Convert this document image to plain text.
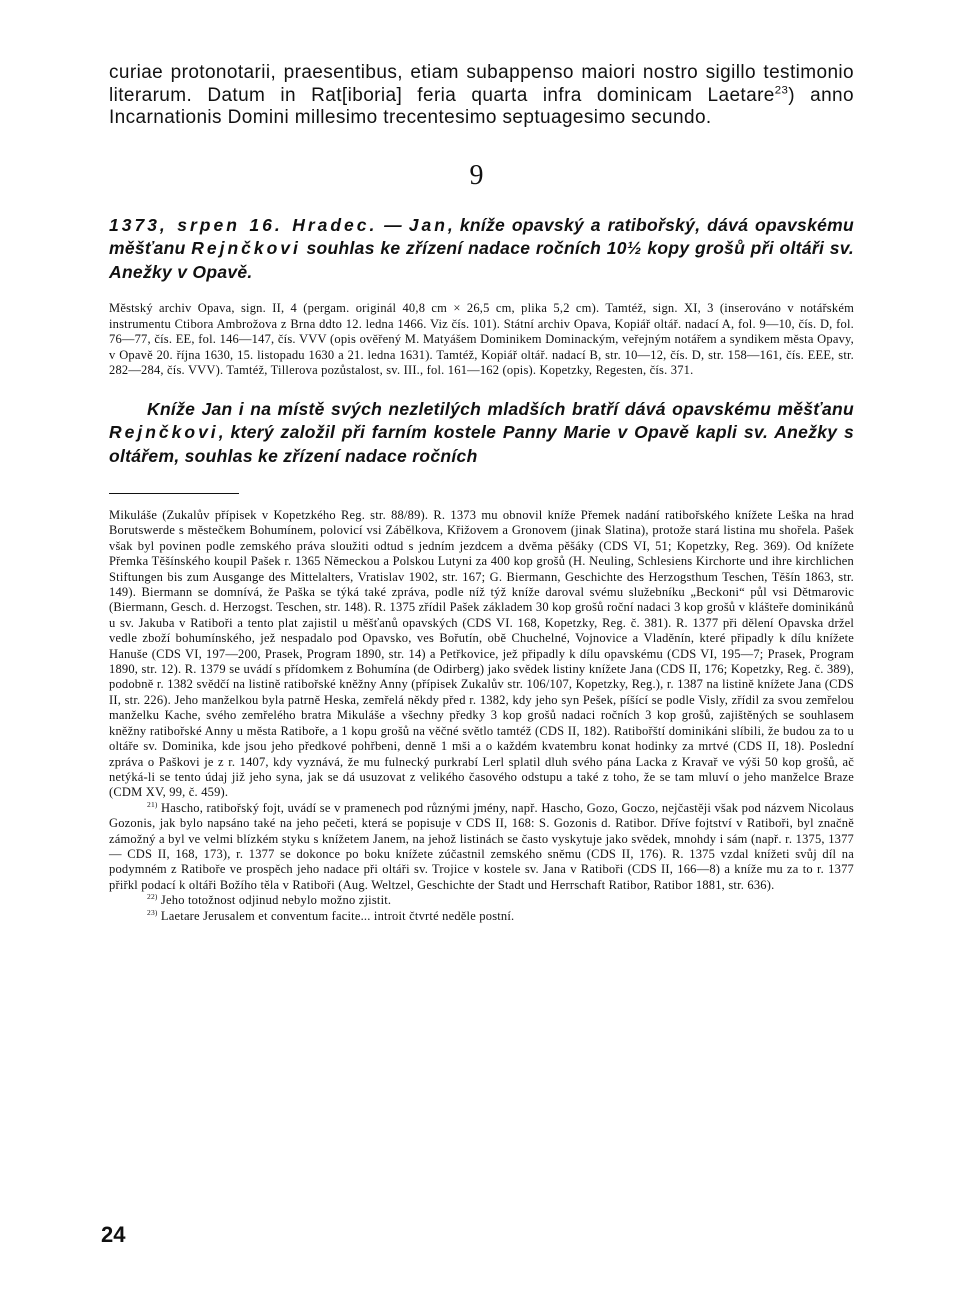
curiae protonotarii, praesentibus, etiam subappenso maiori nostro sigillo testimonio literarum. Datum in Rat[iboria] feria quarta infra dominicam Laetare$^{23}$) anno Incarnationis Domini millesimo trecentesimo septuagesimo secundo.

9

1373, srpen 16. Hradec. — Jan, kníže opavský a ratibořský, dává opavskému měšťanu Rejnčkovi souhlas ke zřízení nadace ročních 10½ kopy grošů při oltáři sv. Anežky v Opavě.

Městský archiv Opava, sign. II, 4 (pergam. originál 40,8 cm × 26,5 cm, plika 5,2 cm). Tamtéž, sign. XI, 3 (inserováno v notářském instrumentu Ctibora Ambrožova z Brna ddto 12. ledna 1466. Viz čís. 101). Státní archiv Opava, Kopiář oltář. nadací A, fol. 9—10, čís. D, fol. 76—77, čís. EE, fol. 146—147, čís. VVV (opis ověřený M. Matyášem Dominikem Dominackým, veřejným notářem a syndikem města Opavy, v Opavě 20. října 1630, 15. listopadu 1630 a 21. ledna 1631). Tamtéž, Kopiář oltář. nadací B, str. 10—12, čís. D, str. 158—161, čís. EEE, str. 282—284, čís. VVV). Tamtéž, Tillerova pozůstalost, sv. III., fol. 161—162 (opis). Kopetzky, Regesten, čís. 371.

Kníže Jan i na místě svých nezletilých mladších bratří dává opavskému měšťanu Rejnčkovi, který založil při farním kostele Panny Marie v Opavě kapli sv. Anežky s oltářem, souhlas ke zřízení nadace ročních

Mikuláše (Zukalův přípisek v Kopetzkého Reg. str. 88/89). R. 1373 mu obnovil kníže Přemek nadání ratibořského knížete Leška na hrad Borutswerde s městečkem Bohumínem, polovicí vsi Zábělkova, Křižovem a Gronovem (jinak Slatina), protože stará listina mu shořela. Pašek však byl povinen podle zemského práva sloužiti odtud s jedním jezdcem a dvěma pěšáky (CDS VI, 51; Kopetzky, Reg. 369). Od knížete Přemka Těšínského koupil Pašek r. 1365 Německou a Polskou Lutyni za 400 kop grošů (H. Neuling, Schlesiens Kirchorte und ihre kirchlichen Stiftungen bis zum Ausgange des Mittelalters, Vratislav 1902, str. 167; G. Biermann, Geschichte des Herzogsthum Teschen, Těšín 1863, str. 149). Biermann se domnívá, že Paška se týká také zpráva, podle níž týž kníže daroval svému služebníku „Beckoni“ půl vsi Dětmarovic (Biermann, Gesch. d. Herzogst. Teschen, str. 148). R. 1375 zřídil Pašek základem 30 kop grošů roční nadaci 3 kop grošů v klášteře dominikánů u sv. Jakuba v Ratiboři a tento plat zajistil u měšťanů opavských (CDS VI. 168, Kopetzky, Reg. č. 381). R. 1377 při dělení Opavska držel vedle zboží bohumínského, jež nespadalo pod Opavsko, ves Bořutín, obě Chuchelné, Vojnovice a Vladěnín, které připadly k dílu knížete Hanuše (CDS VI, 197—200, Prasek, Program 1890, str. 14) a Petřkovice, jež připadly k dílu opavskému (CDS VI, 195—7; Prasek, Program 1890, str. 12). R. 1379 se uvádí s přídomkem z Bohumína (de Odirberg) jako svědek listiny knížete Jana (CDS II, 176; Kopetzky, Reg. č. 389), podobně r. 1382 svědčí na listině ratibořské kněžny Anny (přípisek Zukalův str. 106/107, Kopetzky, Reg.), r. 1387 na listině knížete Jana (CDS II, str. 226). Jeho manželkou byla patrně Heska, zemřelá někdy před r. 1382, kdy jeho syn Pešek, píšící se podle Visly, zřídil za svou zemřelou manželku Kache, svého zemřelého bratra Mikuláše a všechny předky 3 kop grošů nadaci ročních 3 kop grošů, zajištěných se souhlasem kněžny ratibořské Anny u města Ratiboře, a 1 kopu grošů na věčné světlo tamtéž (CDS II, 182). Ratibořští dominikáni slíbili, že budou za to u oltáře sv. Dominika, kde jsou jeho předkové pohřbeni, denně 1 mši a o každém kvatembru konat hodinky za mrtvé (CDS II, 18). Poslední zpráva o Paškovi je z r. 1407, kdy vyznává, že mu fulnecký purkrabí Lerl splatil dluh svého pána Lacka z Kravař ve výši 50 kop grošů, ač netýká-li se tento údaj již jeho syna, jak se dá usuzovat z velikého časového odstupu a také z toho, že se tam mluví o jeho manželce Braze (CDM XV, 99, č. 459).

$^{21)}$ Hascho, ratibořský fojt, uvádí se v pramenech pod různými jmény, např. Hascho, Gozo, Goczo, nejčastěji však pod názvem Nicolaus Gozonis, jak bylo napsáno také na jeho pečeti, která se popisuje v CDS II, 168: S. Gozonis d. Ratibor. Dříve fojtství v Ratiboři, byl značně zámožný a byl ve velmi blízkém styku s knížetem Janem, na jehož listinách se často vyskytuje jako svědek, mnohdy i sám (např. r. 1375, 1377 — CDS II, 168, 173), r. 1377 se dokonce po boku knížete zúčastnil zemského sněmu (CDS II, 176). R. 1375 vzdal knížeti svůj díl na podymném z Ratiboře ve prospěch jeho nadace při oltáři sv. Trojice v kostele sv. Jana v Ratiboři (CDS II, 166—8) a kníže mu za to r. 1377 přiřkl podací k oltáři Božího těla v Ratiboři (Aug. Weltzel, Geschichte der Stadt und Herrschaft Ratibor, Ratibor 1881, str. 636).

$^{22)}$ Jeho totožnost odjinud nebylo možno zjistit.

$^{23)}$ Laetare Jerusalem et conventum facite... introit čtvrté neděle postní.

24
